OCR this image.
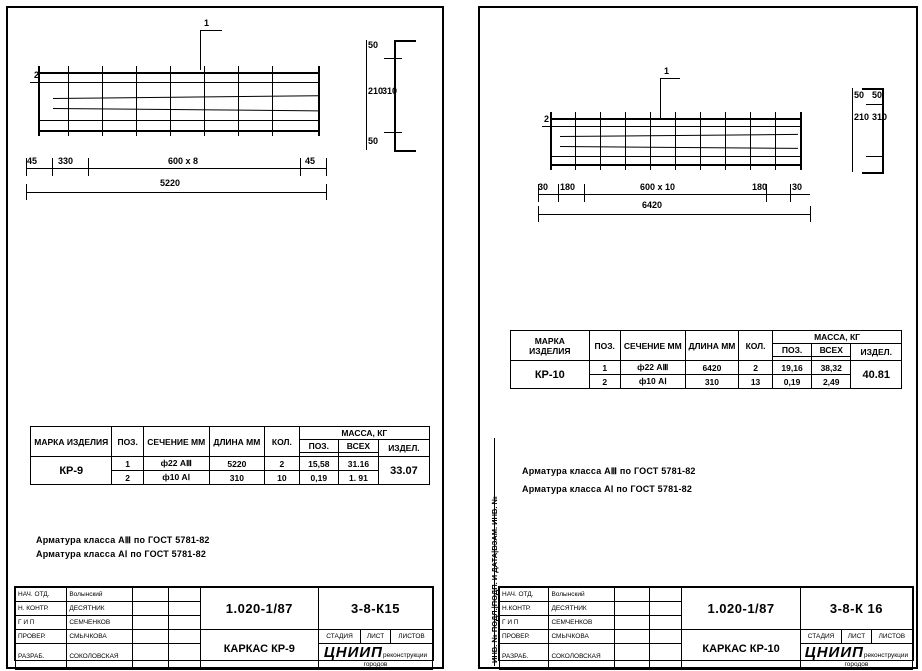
1
2
45 330	600 x 8	45
5220
50
210
310
50
МАРКА ИЗДЕЛИЯ	ПОЗ.	СЕЧЕНИЕ ММ	ДЛИНА ММ	КОЛ.	МАССА, КГ		
					ПОЗ.	ВСЕХ	ИЗДЕЛ.

КР-9	1	ф22 АⅢ	5220	2	15,58	31.16	33.07
	2	ф10 АⅠ	310	10	0,19	1. 91	
Арматура класса АⅢ по ГОСТ 5781-82
Арматура класса АⅠ по ГОСТ 5781-82
НАЧ. ОТД.	Волынский			1.020-1/87	3-8-К15
Н. КОНТР.	ДЕСЯТНИК		
Г И П	СЕМЧЕНКОВ		
ПРОВЕР.	СМЫЧКОВА			КАРКАС КР-9	
СТАДИЯ	ЛИСТ	ЛИСТОВ

РАЗРАБ.	СОКОЛОВСКАЯ			ЦНИИПреконструкции
городов
ИНВ. № ПОДЛ.|ПОДП. И ДАТА|ВЗАМ. ИНВ. №
1
2
30 180	600 x 10	180	30
6420
50
210 310
50
МАРКА ИЗДЕЛИЯ	ПОЗ.	СЕЧЕНИЕ ММ	ДЛИНА ММ	КОЛ.	МАССА, КГ		
					ПОЗ.	ВСЕХ	ИЗДЕЛ.

КР-10	1	ф22 АⅢ	6420	2	19,16	38,32	40.81
	2	ф10 АⅠ	310	13	0,19	2,49	
Арматура класса АⅢ по ГОСТ 5781-82
Арматура класса АⅠ по ГОСТ 5781-82
НАЧ. ОТД.	Волынский			1.020-1/87	3-8-К 16
Н.КОНТР.	ДЕСЯТНИК		
Г И П	СЕМЧЕНКОВ		
ПРОВЕР.	СМЫЧКОВА			КАРКАС КР-10	
СТАДИЯ	ЛИСТ	ЛИСТОВ

РАЗРАБ.	СОКОЛОВСКАЯ			ЦНИИПреконструкции
городов
